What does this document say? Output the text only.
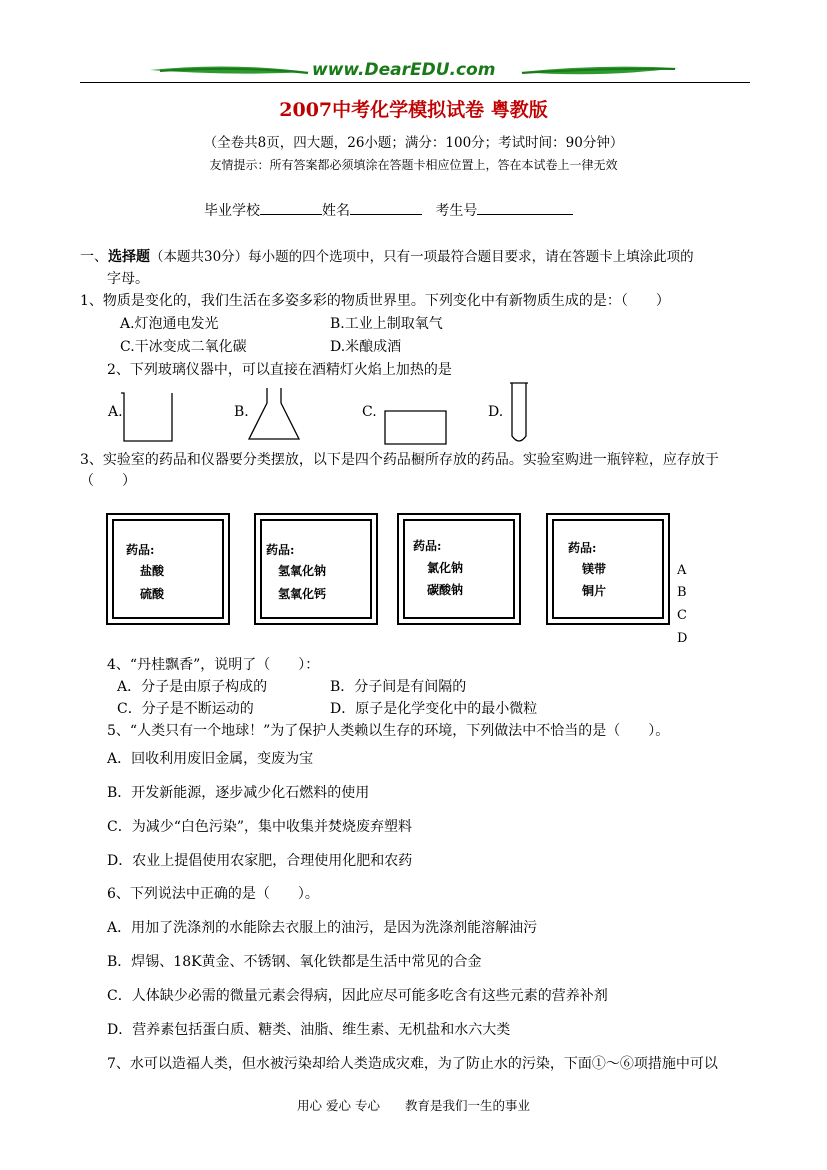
www.DearEDU.com
2007中考化学模拟试卷 粤教版
（全卷共8页，四大题，26小题；满分：100分；考试时间：90分钟）
友情提示：所有答案都必须填涂在答题卡相应位置上，答在本试卷上一律无效
毕业学校	姓名	考生号
一、选择题（本题共30分）每小题的四个选项中，只有一项最符合题目要求，请在答题卡上填涂此项的
字母。
1、物质是变化的，我们生活在多姿多彩的物质世界里。下列变化中有新物质生成的是：（　　）
A.灯泡通电发光	B.工业上制取氧气
C.干冰变成二氧化碳	D.米酿成酒
2、下列玻璃仪器中，可以直接在酒精灯火焰上加热的是
A.	B.	C.	D.
3、实验室的药品和仪器要分类摆放，以下是四个药品橱所存放的药品。实验室购进一瓶锌粒，应存放于
（　　）
药品:
盐酸
硫酸
药品:
氢氧化钠
氢氧化钙
药品:
氯化钠
碳酸钠
药品:
镁带
铜片
A
B
C
D
4、“丹桂飘香”，说明了（　　）：
A．分子是由原子构成的	B．分子间是有间隔的
C．分子是不断运动的	D．原子是化学变化中的最小微粒
5、“人类只有一个地球！”为了保护人类赖以生存的环境，下列做法中不恰当的是（　　）。
A．回收利用废旧金属，变废为宝
B．开发新能源，逐步减少化石燃料的使用
C．为减少“白色污染”，集中收集并焚烧废弃塑料
D．农业上提倡使用农家肥，合理使用化肥和农药
6、下列说法中正确的是（　　）。
A．用加了洗涤剂的水能除去衣服上的油污，是因为洗涤剂能溶解油污
B．焊锡、18K黄金、不锈钢、氧化铁都是生活中常见的合金
C．人体缺少必需的微量元素会得病，因此应尽可能多吃含有这些元素的营养补剂
D．营养素包括蛋白质、糖类、油脂、维生素、无机盐和水六大类
7、水可以造福人类，但水被污染却给人类造成灾难，为了防止水的污染，下面①～⑥项措施中可以
用心 爱心 专心　　教育是我们一生的事业
